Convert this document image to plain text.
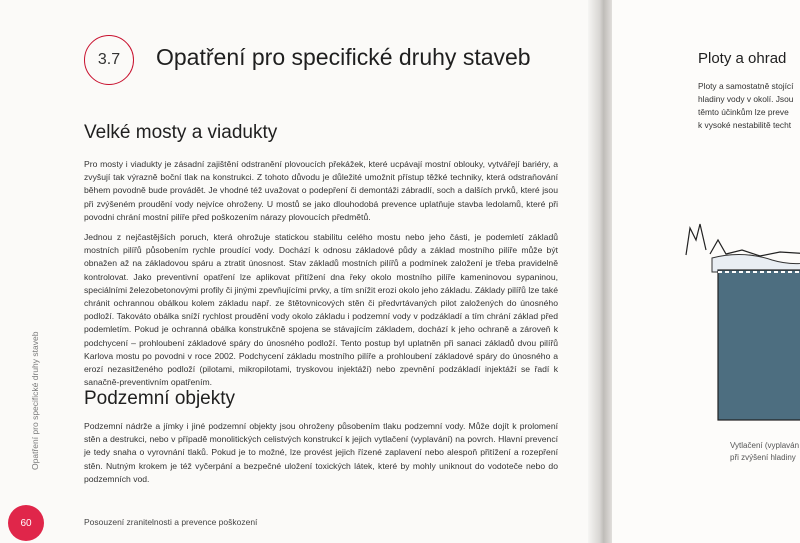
3.7 Opatření pro specifické druhy staveb
Velké mosty a viadukty

Pro mosty i viadukty je zásadní zajištění odstranění plovoucích překážek, které ucpávají mostní oblouky, vytvářejí bariéry, a zvyšují tak výrazně boční tlak na konstrukci. Z tohoto důvodu je důležité umožnit přístup těžké techniky, která odstraňování během povodně bude provádět. Je vhodné též uvažovat o podepření či demontáži zábradlí, soch a dalších prvků, které jsou při zvýšeném proudění vody nejvíce ohroženy. U mostů se jako dlouhodobá prevence uplatňuje stavba ledolamů, které při povodni chrání mostní pilíře před poškozením nárazy plovoucích předmětů.

Jednou z nejčastějších poruch, která ohrožuje statickou stabilitu celého mostu nebo jeho části, je podemletí základů mostních pilířů působením rychle proudící vody. Dochází k odnosu základové půdy a základ mostního pilíře může být obnažen až na základovou spáru a ztratit únosnost. Stav základů mostních pilířů a podmínek založení je třeba pravidelně kontrolovat. Jako preventivní opatření lze aplikovat přitížení dna řeky okolo mostního pilíře kameninovou sypaninou, speciálními železobetonovými profily či jinými zpevňujícími prvky, a tím snížit erozi okolo jeho základu. Základy pilířů lze také chránit ochrannou obálkou kolem základu např. ze štětovnicových stěn či předvrtávaných pilot založených do únosného podloží. Takováto obálka sníží rychlost proudění vody okolo základu i podzemní vody v podzákladí a tím chrání základ před podemletím. Pokud je ochranná obálka konstrukčně spojena se stávajícím základem, dochází k jeho ochraně a zároveň k podchycení – prohloubení základové spáry do únosného podloží. Tento postup byl uplatněn při sanaci základů dvou pilířů Karlova mostu po povodni v roce 2002. Podchycení základu mostního pilíře a prohloubení základové spáry do únosného a erozí nezasitženého podloží (pilotami, mikropilotami, tryskovou injektáží) nebo zpevnění podzákladí injektáží se řadí k sanačně-preventivním opatřením.

Podzemní objekty

Podzemní nádrže a jímky i jiné podzemní objekty jsou ohroženy působením tlaku podzemní vody. Může dojít k prolomení stěn a destrukci, nebo v případě monolitických celistvých konstrukcí k jejich vytlačení (vyplavání) na povrch. Hlavní prevencí je tedy snaha o vyrovnání tlaků. Pokud je to možné, lze provést jejich řízené zaplavení nebo alespoň přitížení a rozepření stěn. Nutným krokem je též vyčerpání a bezpečné uložení toxických látek, které by mohly uniknout do vodoteče nebo do podzemních vod.

Opatření pro specifické druhy staveb
60	Posouzení zranitelnosti a prevence poškození
Ploty a ohrad
Ploty a samostatně stojící
hladiny vody v okolí. Jsou
těmto účinkům lze preve
k vysoké nestabilitě techt
Vytlačení (vyplaván
při zvýšení hladiny
